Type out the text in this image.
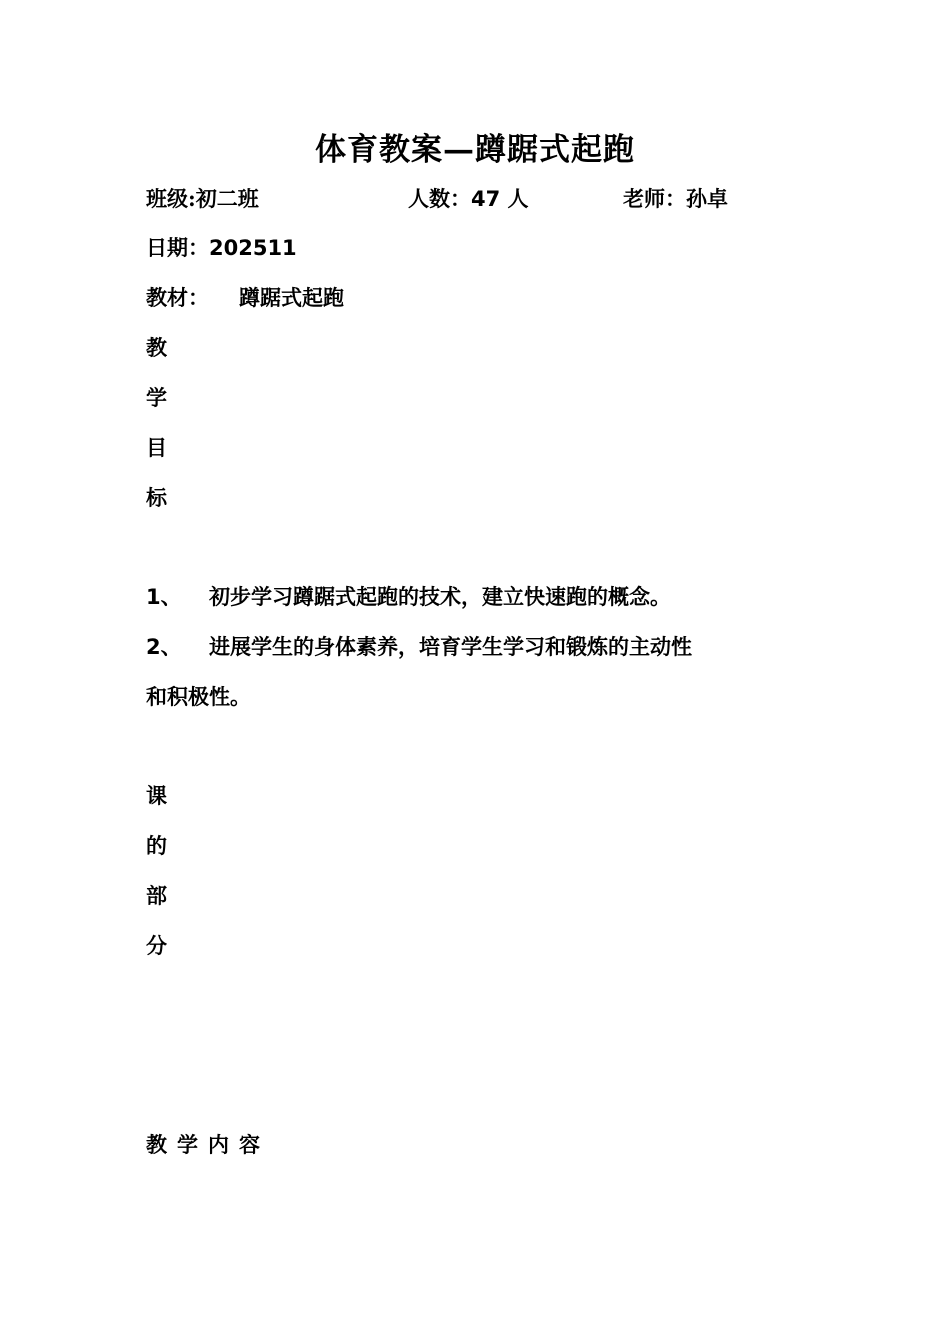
体育教案—蹲踞式起跑
班级:初二班	人数：47 人	老师：孙卓
日期：202511
教材： 蹲踞式起跑
教
学
目
标
1、 初步学习蹲踞式起跑的技术，建立快速跑的概念。
2、 进展学生的身体素养，培育学生学习和锻炼的主动性
和积极性。
课
的
部
分
教学内容
